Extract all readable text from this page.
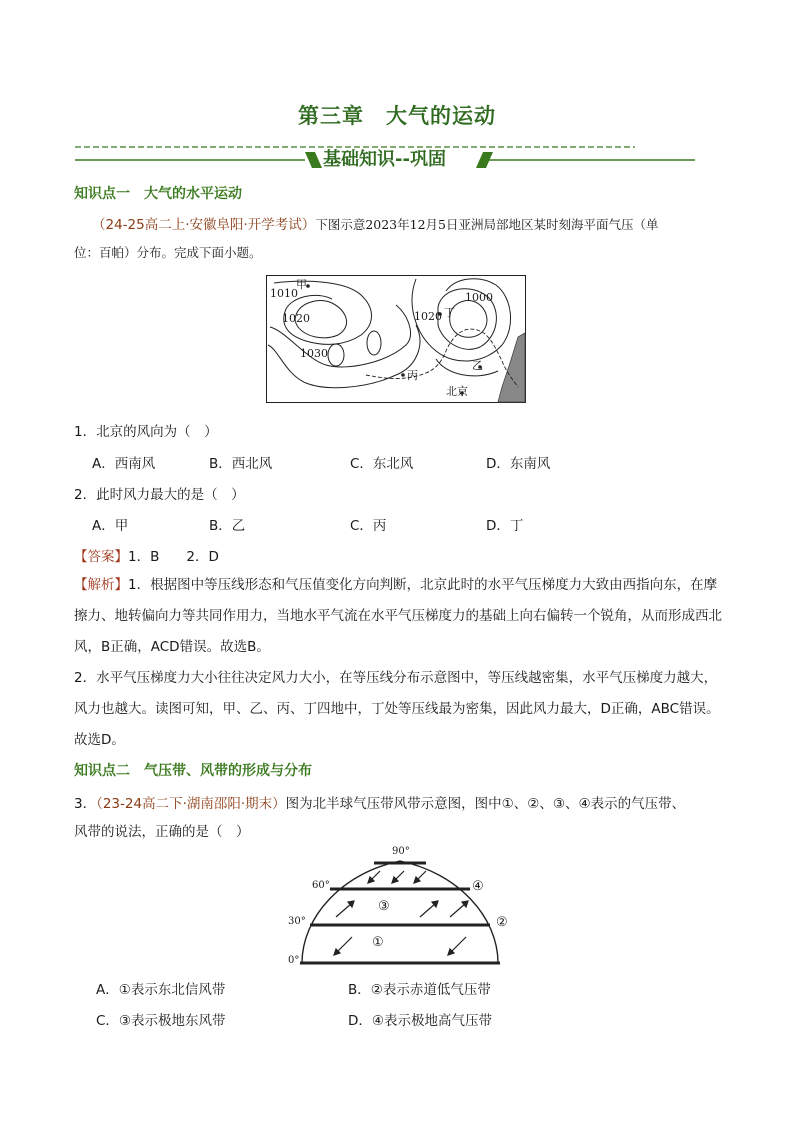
第三章　大气的运动
基础知识--巩固
知识点一　大气的水平运动
（24-25高二上·安徽阜阳·开学考试）下图示意2023年12月5日亚洲局部地区某时刻海平面气压（单
位：百帕）分布。完成下面小题。
甲
1010
1020
1030
1020
1000
丁
丙
乙
北京
1．北京的风向为（　）
A．西南风	B．西北风	C．东北风	D．东南风
2．此时风力最大的是（　）
A．甲	B．乙	C．丙	D．丁
【答案】1．B　　2．D
【解析】1．根据图中等压线形态和气压值变化方向判断，北京此时的水平气压梯度力大致由西指向东，在摩擦力、地转偏向力等共同作用力，当地水平气流在水平气压梯度力的基础上向右偏转一个锐角，从而形成西北风，B正确，ACD错误。故选B。
2．水平气压梯度力大小往往决定风力大小，在等压线分布示意图中，等压线越密集，水平气压梯度力越大，风力也越大。读图可知，甲、乙、丙、丁四地中，丁处等压线最为密集，因此风力最大，D正确，ABC错误。故选D。
知识点二　气压带、风带的形成与分布
3．（23-24高二下·湖南邵阳·期末）图为北半球气压带风带示意图，图中①、②、③、④表示的气压带、
风带的说法，正确的是（　）
90°
60°
30°
0°
①
②
③
④
A．①表示东北信风带	B．②表示赤道低气压带
C．③表示极地东风带	D．④表示极地高气压带
